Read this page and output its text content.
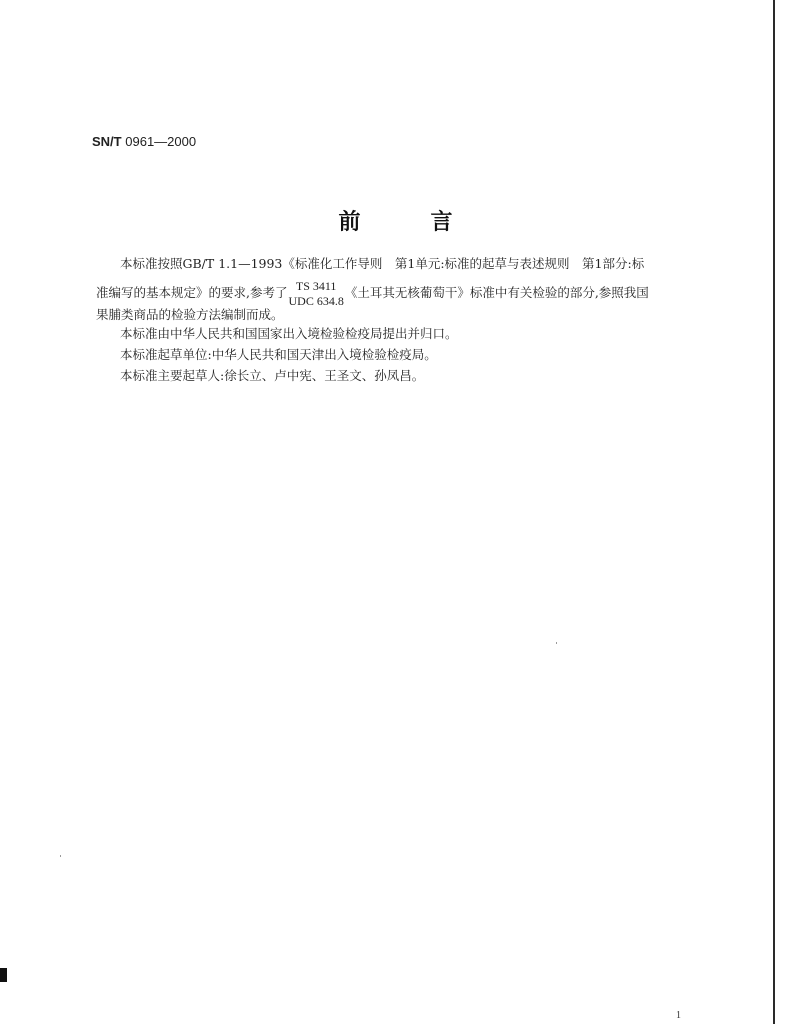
SN/T 0961—2000
前	言
本标准按照GB/T 1.1—1993《标准化工作导则　第1单元:标准的起草与表述规则　第1部分:标
准编写的基本规定》的要求,参考了 TS 3411
UDC 634.8
《土耳其无核葡萄干》标准中有关检验的部分,参照我国
果脯类商品的检验方法编制而成。
本标准由中华人民共和国国家出入境检验检疫局提出并归口。
本标准起草单位:中华人民共和国天津出入境检验检疫局。
本标准主要起草人:徐长立、卢中宪、王圣文、孙凤昌。
1
